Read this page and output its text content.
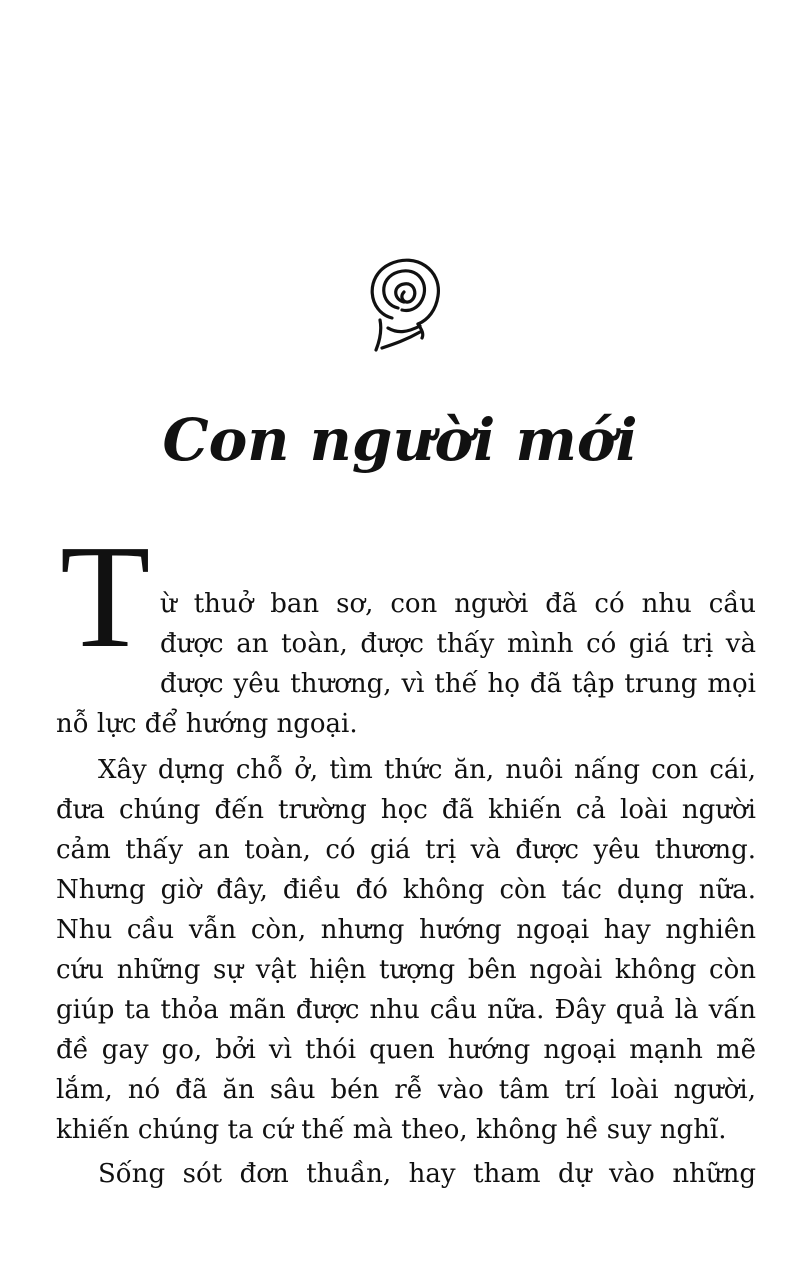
Con người mới
T ừ thuở ban sơ, con người đã có nhu cầu

được an toàn, được thấy mình có giá trị và

được yêu thương, vì thế họ đã tập trung mọi

nỗ lực để hướng ngoại.

Xây dựng chỗ ở, tìm thức ăn, nuôi nấng con cái,

đưa chúng đến trường học đã khiến cả loài người

cảm thấy an toàn, có giá trị và được yêu thương.

Nhưng giờ đây, điều đó không còn tác dụng nữa.

Nhu cầu vẫn còn, nhưng hướng ngoại hay nghiên

cứu những sự vật hiện tượng bên ngoài không còn

giúp ta thỏa mãn được nhu cầu nữa. Đây quả là vấn

đề gay go, bởi vì thói quen hướng ngoại mạnh mẽ

lắm, nó đã ăn sâu bén rễ vào tâm trí loài người,

khiến chúng ta cứ thế mà theo, không hề suy nghĩ.

Sống sót đơn thuần, hay tham dự vào những
